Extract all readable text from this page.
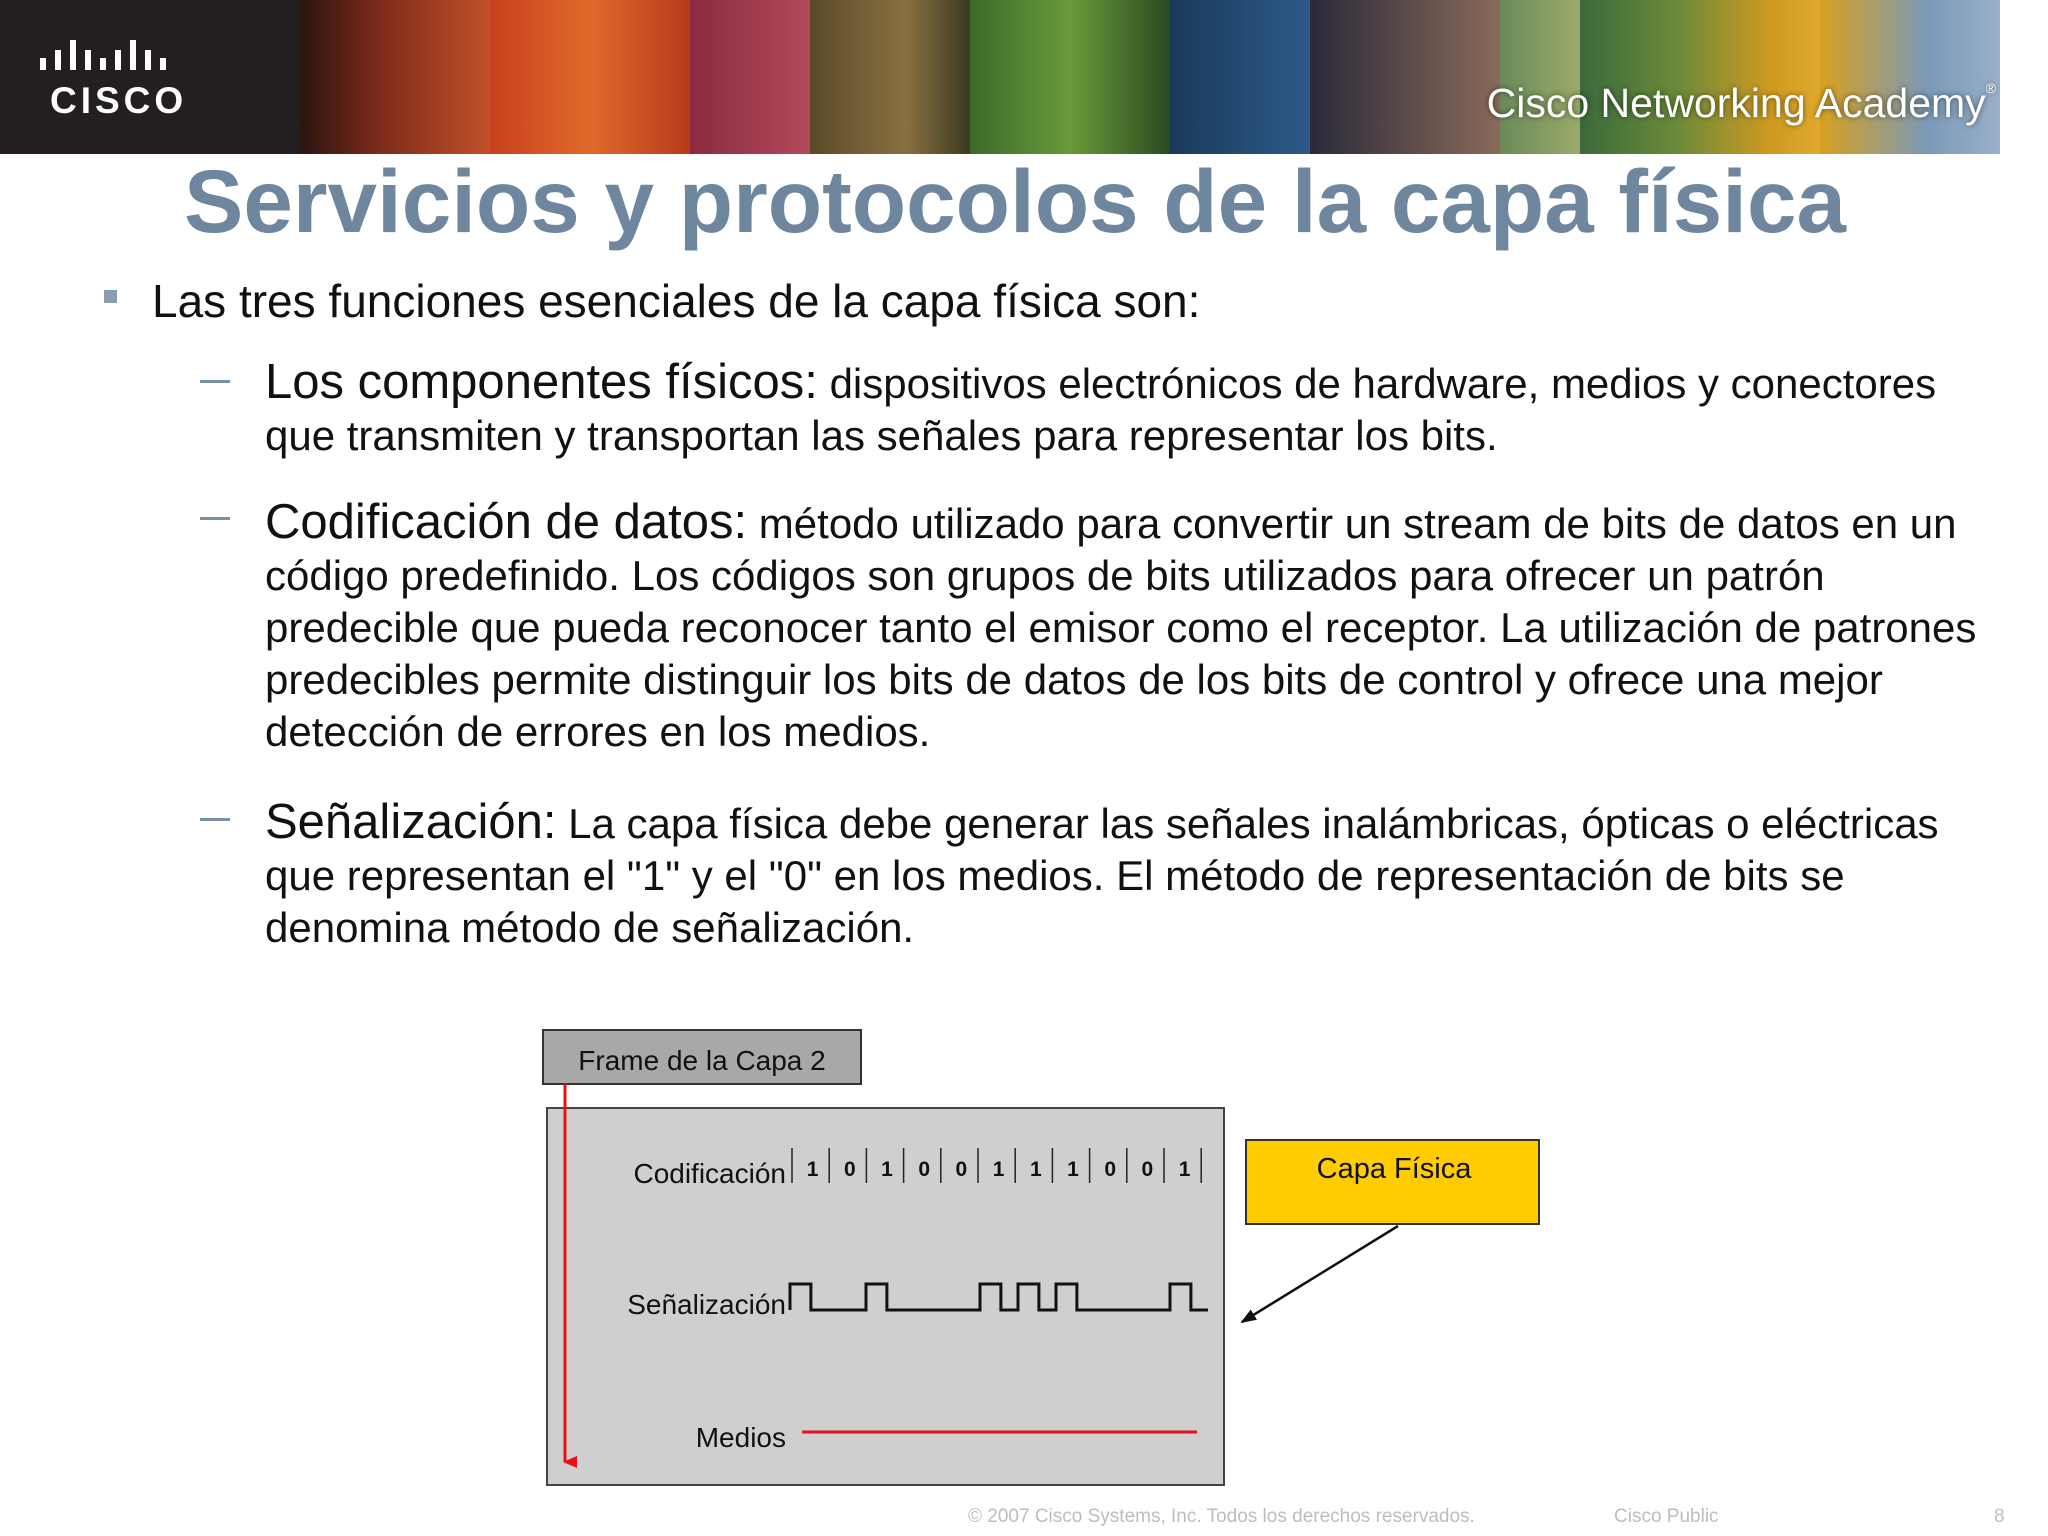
CISCO	Cisco Networking Academy®
Servicios y protocolos de la capa física
Las tres funciones esenciales de la capa física son:
Los componentes físicos: dispositivos electrónicos de hardware, medios y conectores que transmiten y transportan las señales para representar los bits.
Codificación de datos: método utilizado para convertir un stream de bits de datos en un código predefinido. Los códigos son grupos de bits utilizados para ofrecer un patrón predecible que pueda reconocer tanto el emisor como el receptor. La utilización de patrones predecibles permite distinguir los bits de datos de los bits de control y ofrece una mejor detección de errores en los medios.
Señalización: La capa física debe generar las señales inalámbricas, ópticas o eléctricas que representan el "1" y el "0" en los medios. El método de representación de bits se denomina método de señalización.
Frame de la Capa 2
Codificación
Señalización
Medios
1 0 1 0 0 1 1 1 0 0 1	Capa Física
© 2007 Cisco Systems, Inc. Todos los derechos reservados.	Cisco Public	8
